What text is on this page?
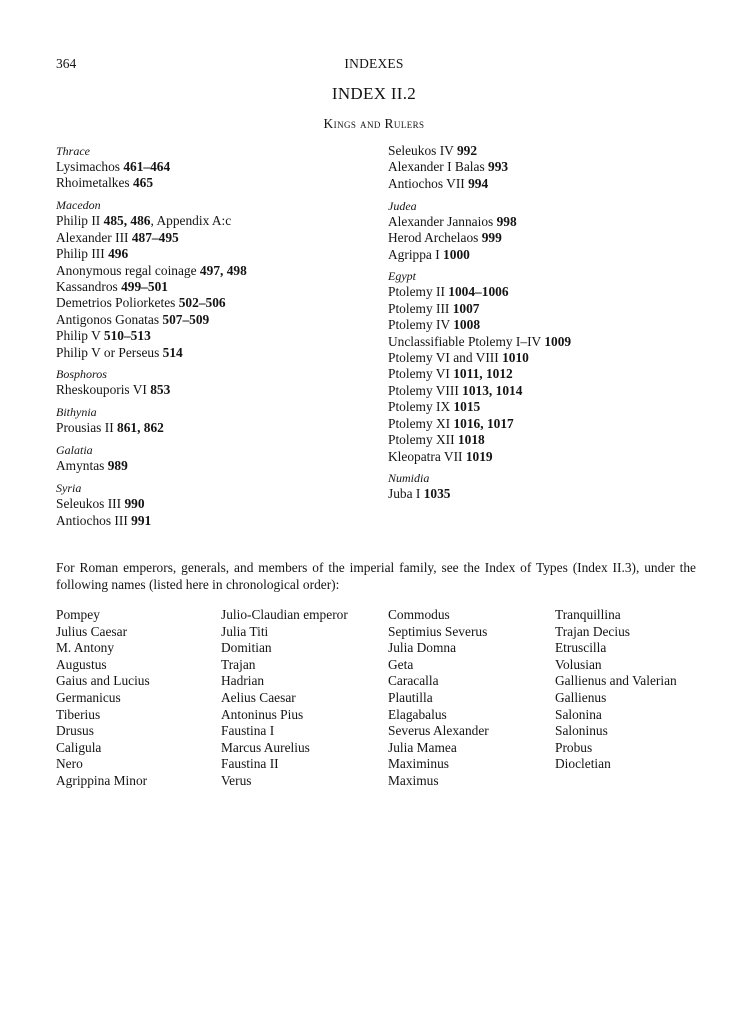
364	INDEXES
INDEX II.2
Kings and Rulers
Thrace
Lysimachos 461–464
Rhoimetalkes 465
Macedon
Philip II 485, 486, Appendix A:c
Alexander III 487–495
Philip III 496
Anonymous regal coinage 497, 498
Kassandros 499–501
Demetrios Poliorketes 502–506
Antigonos Gonatas 507–509
Philip V 510–513
Philip V or Perseus 514
Bosphoros
Rheskouporis VI 853
Bithynia
Prousias II 861, 862
Galatia
Amyntas 989
Syria
Seleukos III 990
Antiochos III 991
Seleukos IV 992
Alexander I Balas 993
Antiochos VII 994
Judea
Alexander Jannaios 998
Herod Archelaos 999
Agrippa I 1000
Egypt
Ptolemy II 1004–1006
Ptolemy III 1007
Ptolemy IV 1008
Unclassifiable Ptolemy I–IV 1009
Ptolemy VI and VIII 1010
Ptolemy VI 1011, 1012
Ptolemy VIII 1013, 1014
Ptolemy IX 1015
Ptolemy XI 1016, 1017
Ptolemy XII 1018
Kleopatra VII 1019
Numidia
Juba I 1035
For Roman emperors, generals, and members of the imperial family, see the Index of Types (Index II.3), under the following names (listed here in chronological order):
Pompey
Julius Caesar
M. Antony
Augustus
Gaius and Lucius
Germanicus
Tiberius
Drusus
Caligula
Nero
Agrippina Minor
Julio-Claudian emperor
Julia Titi
Domitian
Trajan
Hadrian
Aelius Caesar
Antoninus Pius
Faustina I
Marcus Aurelius
Faustina II
Verus
Commodus
Septimius Severus
Julia Domna
Geta
Caracalla
Plautilla
Elagabalus
Severus Alexander
Julia Mamea
Maximinus
Maximus
Tranquillina
Trajan Decius
Etruscilla
Volusian
Gallienus and Valerian
Gallienus
Salonina
Saloninus
Probus
Diocletian
